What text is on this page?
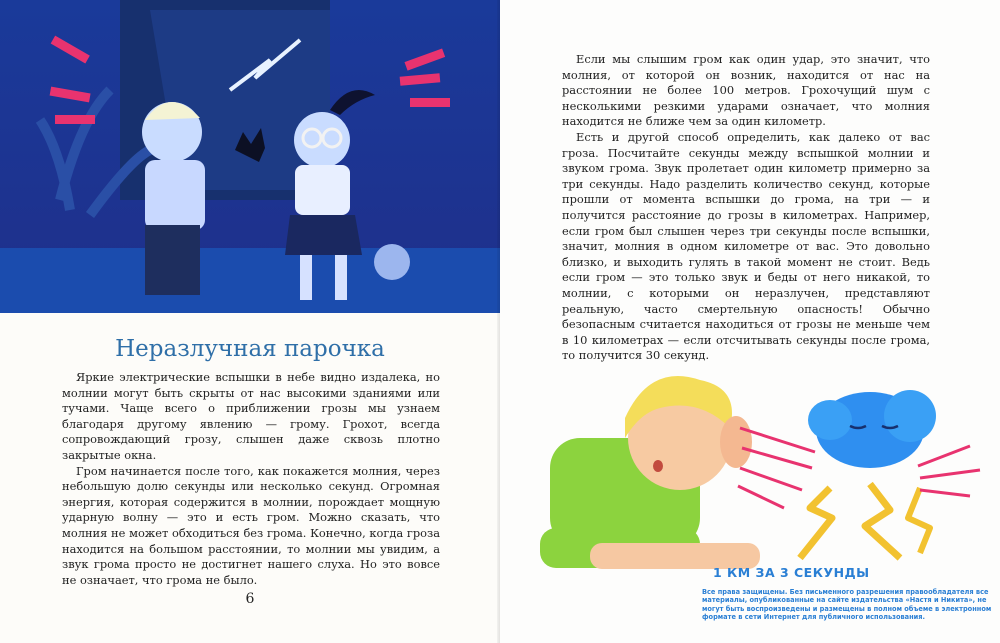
Неразлучная парочка

Яркие электрические вспышки в небе видно издалека, но молнии могут быть скрыты от нас высокими зданиями или тучами. Чаще всего о приближении грозы мы узнаем благодаря другому явлению — грому. Грохот, всегда сопровождающий грозу, слышен даже сквозь плотно закрытые окна.

Гром начинается после того, как покажется молния, через небольшую долю секунды или несколько секунд. Огромная энергия, которая содержится в молнии, порождает мощную ударную волну — это и есть гром. Можно сказать, что молния не может обходиться без грома. Конечно, когда гроза находится на большом расстоянии, то молнии мы увидим, а звук грома просто не достигнет нашего слуха. Но это вовсе не означает, что грома не было.

6

Если мы слышим гром как один удар, это значит, что молния, от которой он возник, находится от нас на расстоянии не более 100 метров. Грохочущий шум с несколькими резкими ударами означает, что молния находится не ближе чем за один километр.

Есть и другой способ определить, как далеко от вас гроза. Посчитайте секунды между вспышкой молнии и звуком грома. Звук пролетает один километр примерно за три секунды. Надо разделить количество секунд, которые прошли от момента вспышки до грома, на три — и получится расстояние до грозы в километрах. Например, если гром был слышен через три секунды после вспышки, значит, молния в одном километре от вас. Это довольно близко, и выходить гулять в такой момент не стоит. Ведь если гром — это только звук и беды от него никакой, то молнии, с которыми он неразлучен, представляют реальную, часто смертельную опасность! Обычно безопасным считается находиться от грозы не меньше чем в 10 километрах — если отсчитывать секунды после грома, то получится 30 секунд.

1 КМ ЗА 3 СЕКУНДЫ
Все права защищены. Без письменного разрешения правообладателя все материалы, опубликованные на сайте издательства «Настя и Никита», не могут быть воспроизведены и размещены в полном объеме в электронном формате в сети Интернет для публичного использования.
